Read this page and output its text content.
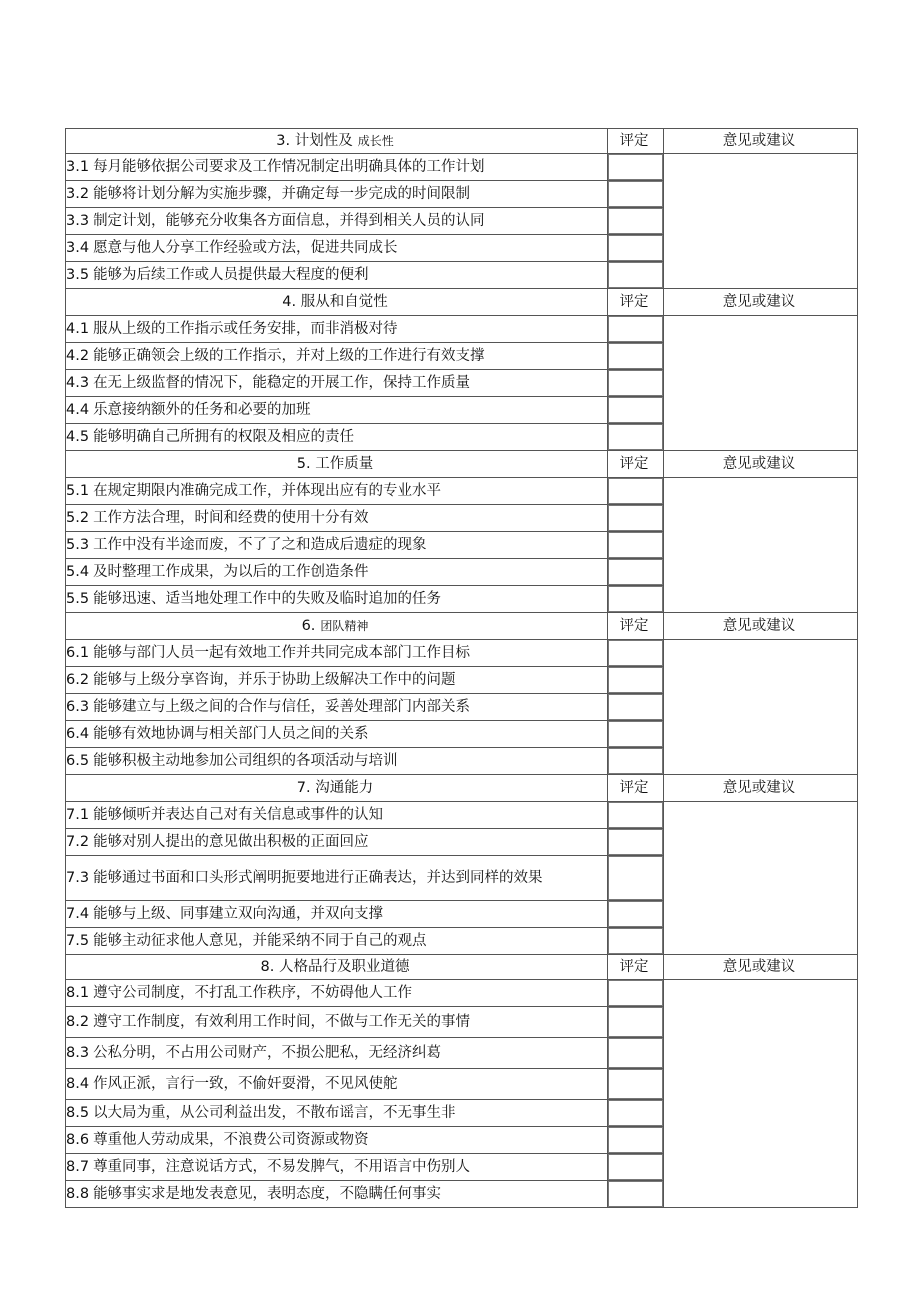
3. 计划性及 成长性	评定	意见或建议
3.1 每月能够依据公司要求及工作情况制定出明确具体的工作计划		
3.2 能够将计划分解为实施步骤，并确定每一步完成的时间限制		
3.3 制定计划，能够充分收集各方面信息，并得到相关人员的认同		
3.4 愿意与他人分享工作经验或方法，促进共同成长		
3.5 能够为后续工作或人员提供最大程度的便利		
4. 服从和自觉性	评定	意见或建议
4.1 服从上级的工作指示或任务安排，而非消极对待		
4.2 能够正确领会上级的工作指示，并对上级的工作进行有效支撑		
4.3 在无上级监督的情况下，能稳定的开展工作，保持工作质量		
4.4 乐意接纳额外的任务和必要的加班		
4.5 能够明确自己所拥有的权限及相应的责任		
5. 工作质量	评定	意见或建议
5.1 在规定期限内准确完成工作，并体现出应有的专业水平		
5.2 工作方法合理，时间和经费的使用十分有效		
5.3 工作中没有半途而废，不了了之和造成后遗症的现象		
5.4 及时整理工作成果，为以后的工作创造条件		
5.5 能够迅速、适当地处理工作中的失败及临时追加的任务		
6. 团队精神	评定	意见或建议
6.1 能够与部门人员一起有效地工作并共同完成本部门工作目标		
6.2 能够与上级分享咨询，并乐于协助上级解决工作中的问题		
6.3 能够建立与上级之间的合作与信任，妥善处理部门内部关系		
6.4 能够有效地协调与相关部门人员之间的关系		
6.5 能够积极主动地参加公司组织的各项活动与培训		
7. 沟通能力	评定	意见或建议
7.1 能够倾听并表达自己对有关信息或事件的认知		
7.2 能够对别人提出的意见做出积极的正面回应		
7.3 能够通过书面和口头形式阐明扼要地进行正确表达，并达到同样的效果		
7.4 能够与上级、同事建立双向沟通，并双向支撑		
7.5 能够主动征求他人意见，并能采纳不同于自己的观点		
8. 人格品行及职业道德	评定	意见或建议
8.1 遵守公司制度，不打乱工作秩序，不妨碍他人工作		
8.2 遵守工作制度，有效利用工作时间，不做与工作无关的事情		
8.3 公私分明，不占用公司财产，不损公肥私，无经济纠葛		
8.4 作风正派，言行一致，不偷奸耍滑，不见风使舵		
8.5 以大局为重，从公司利益出发，不散布谣言，不无事生非		
8.6 尊重他人劳动成果，不浪费公司资源或物资		
8.7 尊重同事，注意说话方式，不易发脾气，不用语言中伤别人		
8.8 能够事实求是地发表意见，表明态度，不隐瞒任何事实		
